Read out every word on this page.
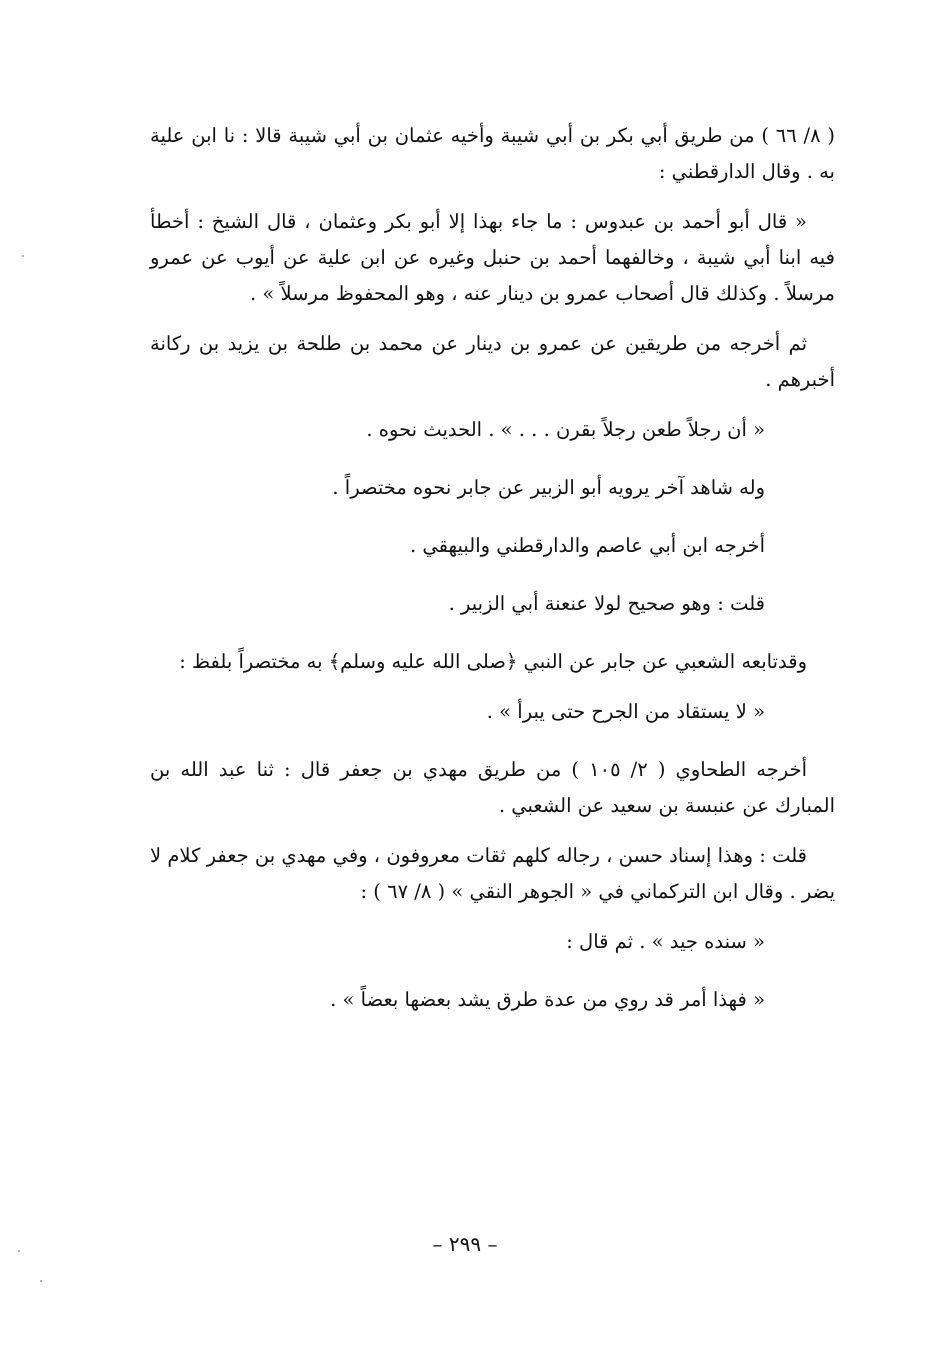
( ٨/ ٦٦ ) من طريق أبي بكر بن أبي شيبة وأخيه عثمان بن أبي شيبة قالا : نا ابن علية به . وقال الدارقطني :

« قال أبو أحمد بن عبدوس : ما جاء بهذا إلا أبو بكر وعثمان ، قال الشيخ : أخطأ فيه ابنا أبي شيبة ، وخالفهما أحمد بن حنبل وغيره عن ابن علية عن أيوب عن عمرو مرسلاً . وكذلك قال أصحاب عمرو بن دينار عنه ، وهو المحفوظ مرسلاً » .

ثم أخرجه من طريقين عن عمرو بن دينار عن محمد بن طلحة بن يزيد بن ركانة أخبرهم .

« أن رجلاً طعن رجلاً بقرن . . . » . الحديث نحوه .

وله شاهد آخر يرويه أبو الزبير عن جابر نحوه مختصراً .

أخرجه ابن أبي عاصم والدارقطني والبيهقي .

قلت : وهو صحيح لولا عنعنة أبي الزبير .

وقدتابعه الشعبي عن جابر عن النبي ﴿صلى الله عليه وسلم﴾ به مختصراً بلفظ :

« لا يستقاد من الجرح حتى يبرأ » .

أخرجه الطحاوي ( ٢/ ١٠٥ ) من طريق مهدي بن جعفر قال : ثنا عبد الله بن المبارك عن عنبسة بن سعيد عن الشعبي .

قلت : وهذا إسناد حسن ، رجاله كلهم ثقات معروفون ، وفي مهدي بن جعفر كلام لا يضر . وقال ابن التركماني في « الجوهر النقي » ( ٨/ ٦٧ ) :

« سنده جيد » . ثم قال :

« فهذا أمر قد روي من عدة طرق يشد بعضها بعضاً » .

– ٢٩٩ –
